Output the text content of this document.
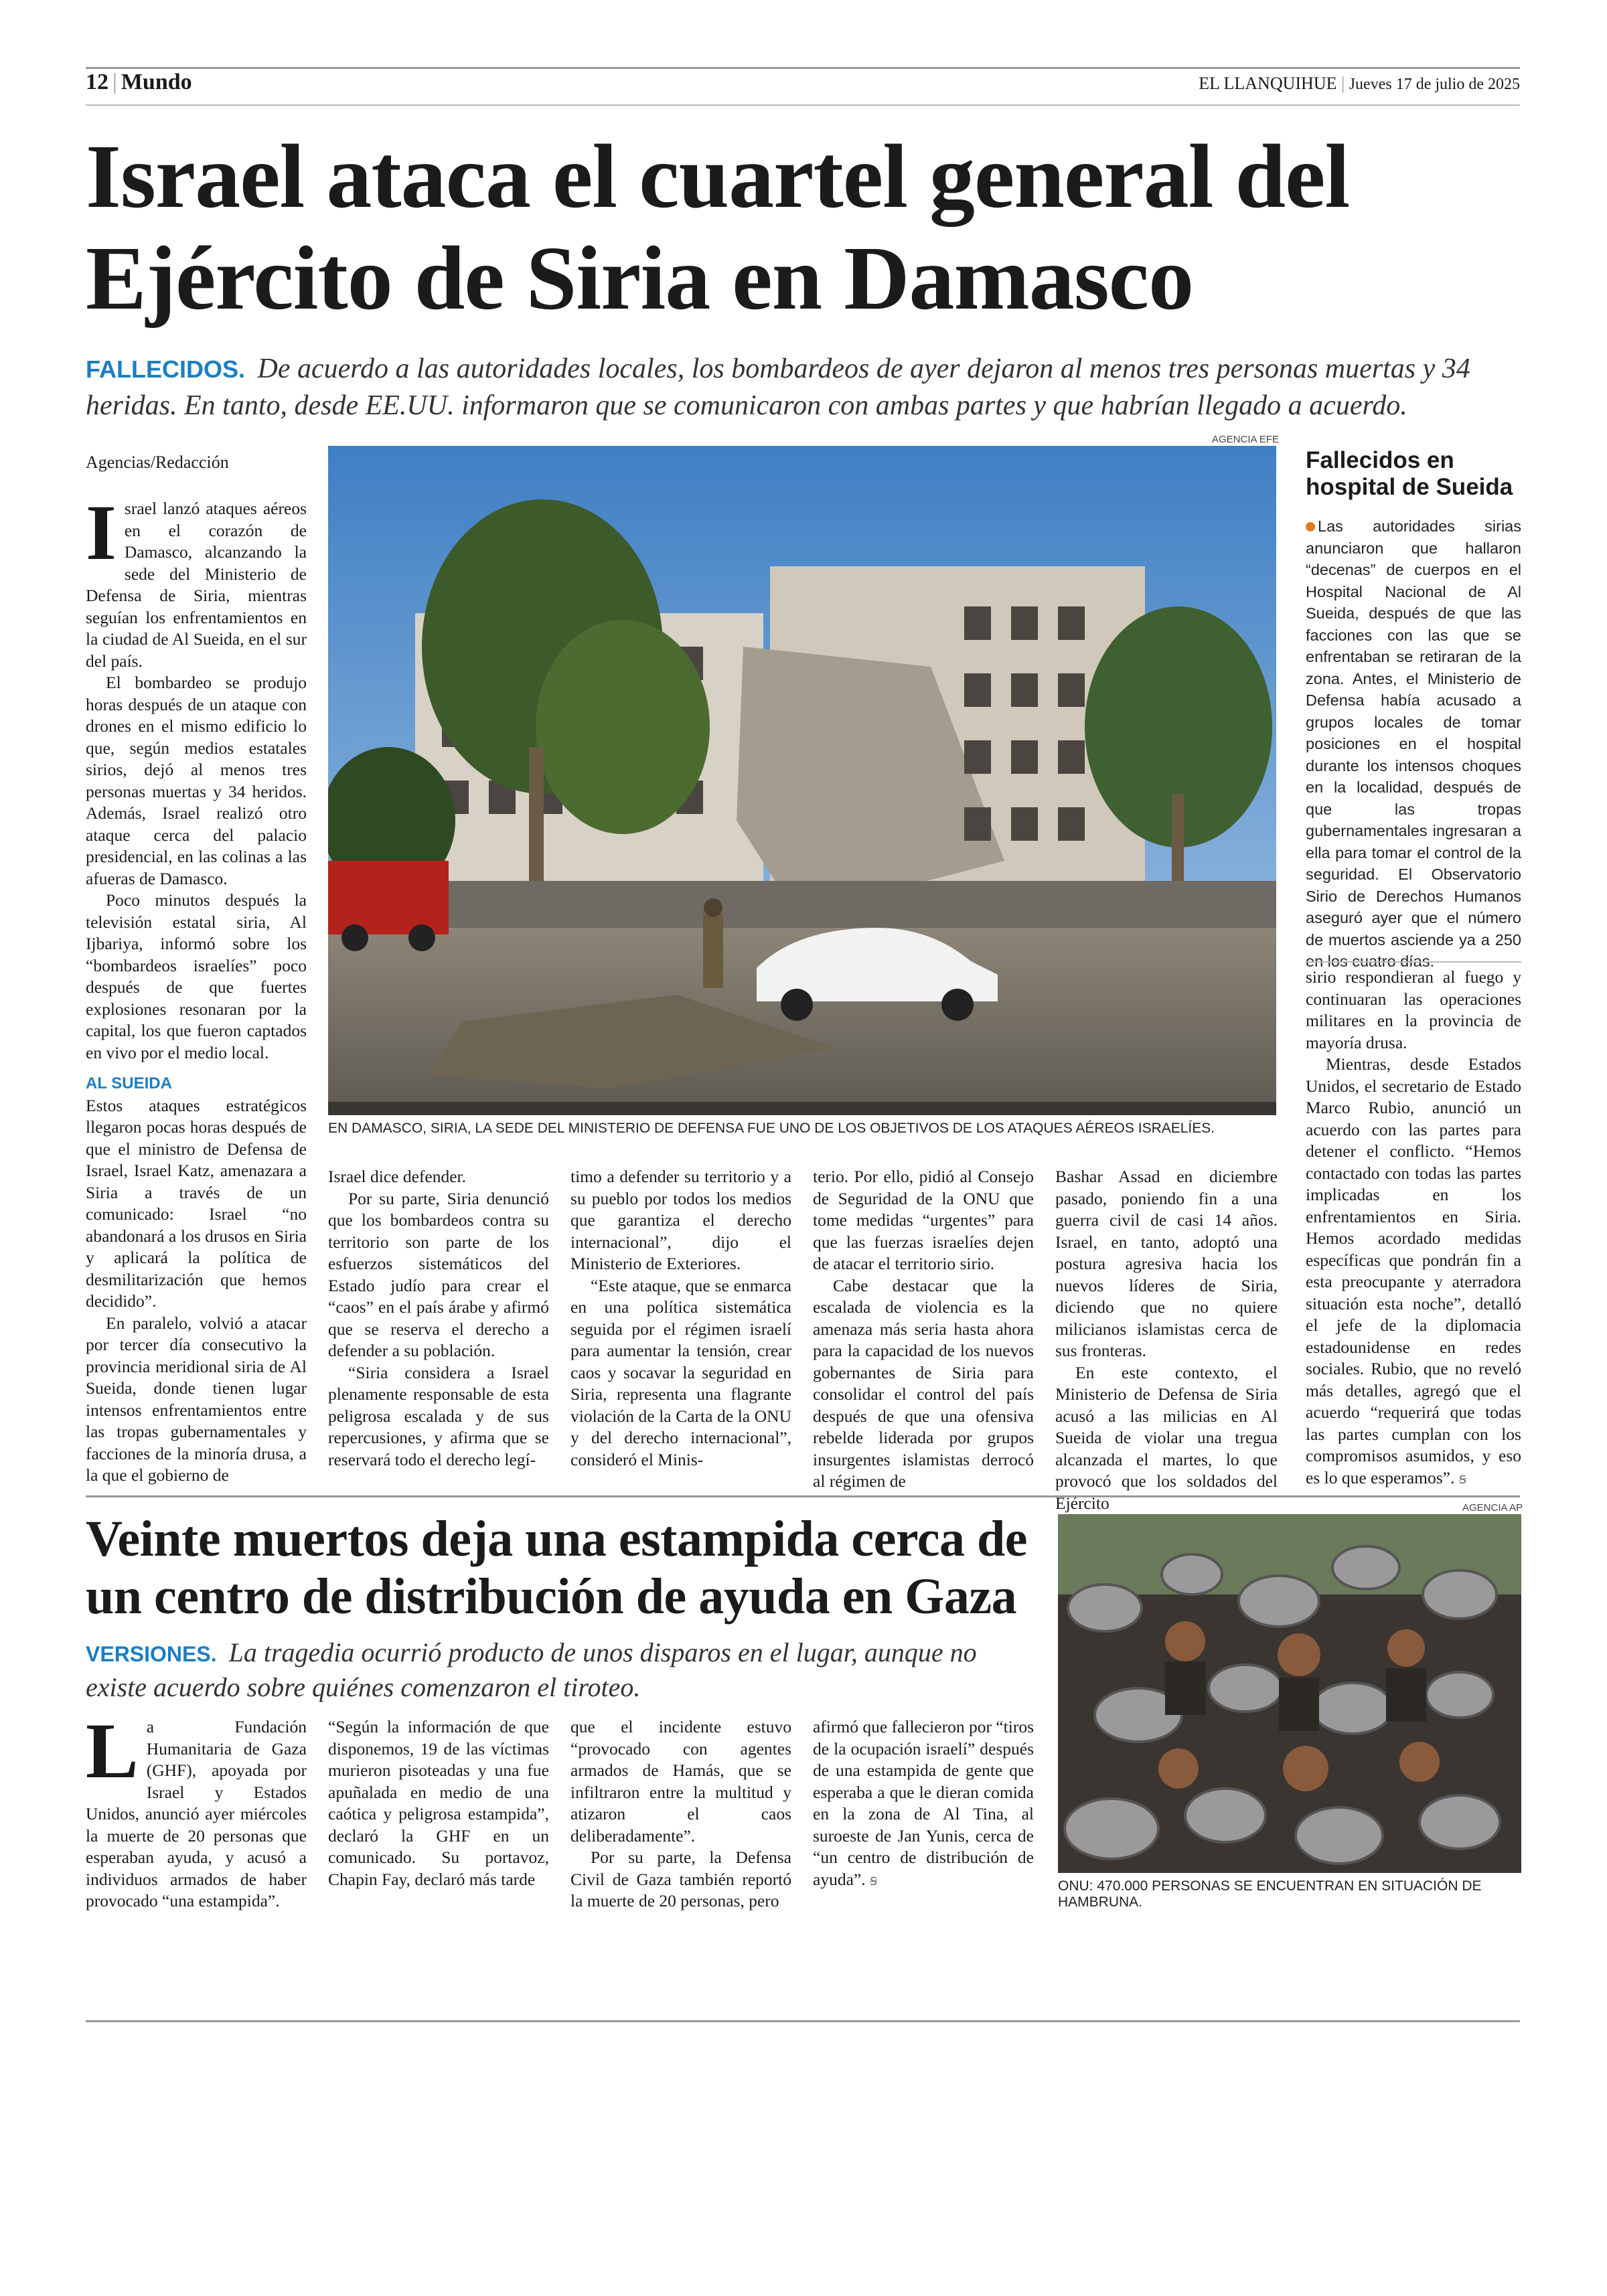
12 | Mundo	EL LLANQUIHUE | Jueves 17 de julio de 2025
Israel ataca el cuartel general del Ejército de Siria en Damasco
FALLECIDOS. De acuerdo a las autoridades locales, los bombardeos de ayer dejaron al menos tres personas muertas y 34 heridas. En tanto, desde EE.UU. informaron que se comunicaron con ambas partes y que habrían llegado a acuerdo.
Agencias/Redacción

Israel lanzó ataques aéreos en el corazón de Damasco, alcanzando la sede del Ministerio de Defensa de Siria, mientras seguían los enfrentamientos en la ciudad de Al Sueida, en el sur del país.

El bombardeo se produjo horas después de un ataque con drones en el mismo edificio lo que, según medios estatales sirios, dejó al menos tres personas muertas y 34 heridos. Además, Israel realizó otro ataque cerca del palacio presidencial, en las colinas a las afueras de Damasco.

Poco minutos después la televisión estatal siria, Al Ijbariya, informó sobre los “bombardeos israelíes” poco después de que fuertes explosiones resonaran por la capital, los que fueron captados en vivo por el medio local.

AL SUEIDA

Estos ataques estratégicos llegaron pocas horas después de que el ministro de Defensa de Israel, Israel Katz, amenazara a Siria a través de un comunicado: Israel “no abandonará a los drusos en Siria y aplicará la política de desmilitarización que hemos decidido”.

En paralelo, volvió a atacar por tercer día consecutivo la provincia meridional siria de Al Sueida, donde tienen lugar intensos enfrentamientos entre las tropas gubernamentales y facciones de la minoría drusa, a la que el gobierno de

AGENCIA EFE
EN DAMASCO, SIRIA, LA SEDE DEL MINISTERIO DE DEFENSA FUE UNO DE LOS OBJETIVOS DE LOS ATAQUES AÉREOS ISRAELÍES.
Fallecidos en hospital de Sueida
Las autoridades sirias anunciaron que hallaron “decenas” de cuerpos en el Hospital Nacional de Al Sueida, después de que las facciones con las que se enfrentaban se retiraran de la zona. Antes, el Ministerio de Defensa había acusado a grupos locales de tomar posiciones en el hospital durante los intensos choques en la localidad, después de que las tropas gubernamentales ingresaran a ella para tomar el control de la seguridad. El Observatorio Sirio de Derechos Humanos aseguró ayer que el número de muertos asciende ya a 250 en los cuatro días.

sirio respondieran al fuego y continuaran las operaciones militares en la provincia de mayoría drusa.

Mientras, desde Estados Unidos, el secretario de Estado Marco Rubio, anunció un acuerdo con las partes para detener el conflicto. “Hemos contactado con todas las partes implicadas en los enfrentamientos en Siria. Hemos acordado medidas específicas que pondrán fin a esta preocupante y aterradora situación esta noche”, detalló el jefe de la diplomacia estadounidense en redes sociales. Rubio, que no reveló más detalles, agregó que el acuerdo “requerirá que todas las partes cumplan con los compromisos asumidos, y eso es lo que esperamos”. ꞩ

Israel dice defender.

Por su parte, Siria denunció que los bombardeos contra su territorio son parte de los esfuerzos sistemáticos del Estado judío para crear el “caos” en el país árabe y afirmó que se reserva el derecho a defender a su población.

“Siria considera a Israel plenamente responsable de esta peligrosa escalada y de sus repercusiones, y afirma que se reservará todo el derecho legí-

timo a defender su territorio y a su pueblo por todos los medios que garantiza el derecho internacional”, dijo el Ministerio de Exteriores.

“Este ataque, que se enmarca en una política sistemática seguida por el régimen israelí para aumentar la tensión, crear caos y socavar la seguridad en Siria, representa una flagrante violación de la Carta de la ONU y del derecho internacional”, consideró el Minis-

terio. Por ello, pidió al Consejo de Seguridad de la ONU que tome medidas “urgentes” para que las fuerzas israelíes dejen de atacar el territorio sirio.

Cabe destacar que la escalada de violencia es la amenaza más seria hasta ahora para la capacidad de los nuevos gobernantes de Siria para consolidar el control del país después de que una ofensiva rebelde liderada por grupos insurgentes islamistas derrocó al régimen de

Bashar Assad en diciembre pasado, poniendo fin a una guerra civil de casi 14 años. Israel, en tanto, adoptó una postura agresiva hacia los nuevos líderes de Siria, diciendo que no quiere milicianos islamistas cerca de sus fronteras.

En este contexto, el Ministerio de Defensa de Siria acusó a las milicias en Al Sueida de violar una tregua alcanzada el martes, lo que provocó que los soldados del Ejército

Veinte muertos deja una estampida cerca de un centro de distribución de ayuda en Gaza
VERSIONES. La tragedia ocurrió producto de unos disparos en el lugar, aunque no existe acuerdo sobre quiénes comenzaron el tiroteo.

La Fundación Humanitaria de Gaza (GHF), apoyada por Israel y Estados Unidos, anunció ayer miércoles la muerte de 20 personas que esperaban ayuda, y acusó a individuos armados de haber provocado “una estampida”.

“Según la información de que disponemos, 19 de las víctimas murieron pisoteadas y una fue apuñalada en medio de una caótica y peligrosa estampida”, declaró la GHF en un comunicado. Su portavoz, Chapin Fay, declaró más tarde

que el incidente estuvo “provocado con agentes armados de Hamás, que se infiltraron entre la multitud y atizaron el caos deliberadamente”.

Por su parte, la Defensa Civil de Gaza también reportó la muerte de 20 personas, pero

afirmó que fallecieron por “tiros de la ocupación israelí” después de una estampida de gente que esperaba a que le dieran comida en la zona de Al Tina, al suroeste de Jan Yunis, cerca de “un centro de distribución de ayuda”. ꞩ

AGENCIA AP
ONU: 470.000 PERSONAS SE ENCUENTRAN EN SITUACIÓN DE HAMBRUNA.
